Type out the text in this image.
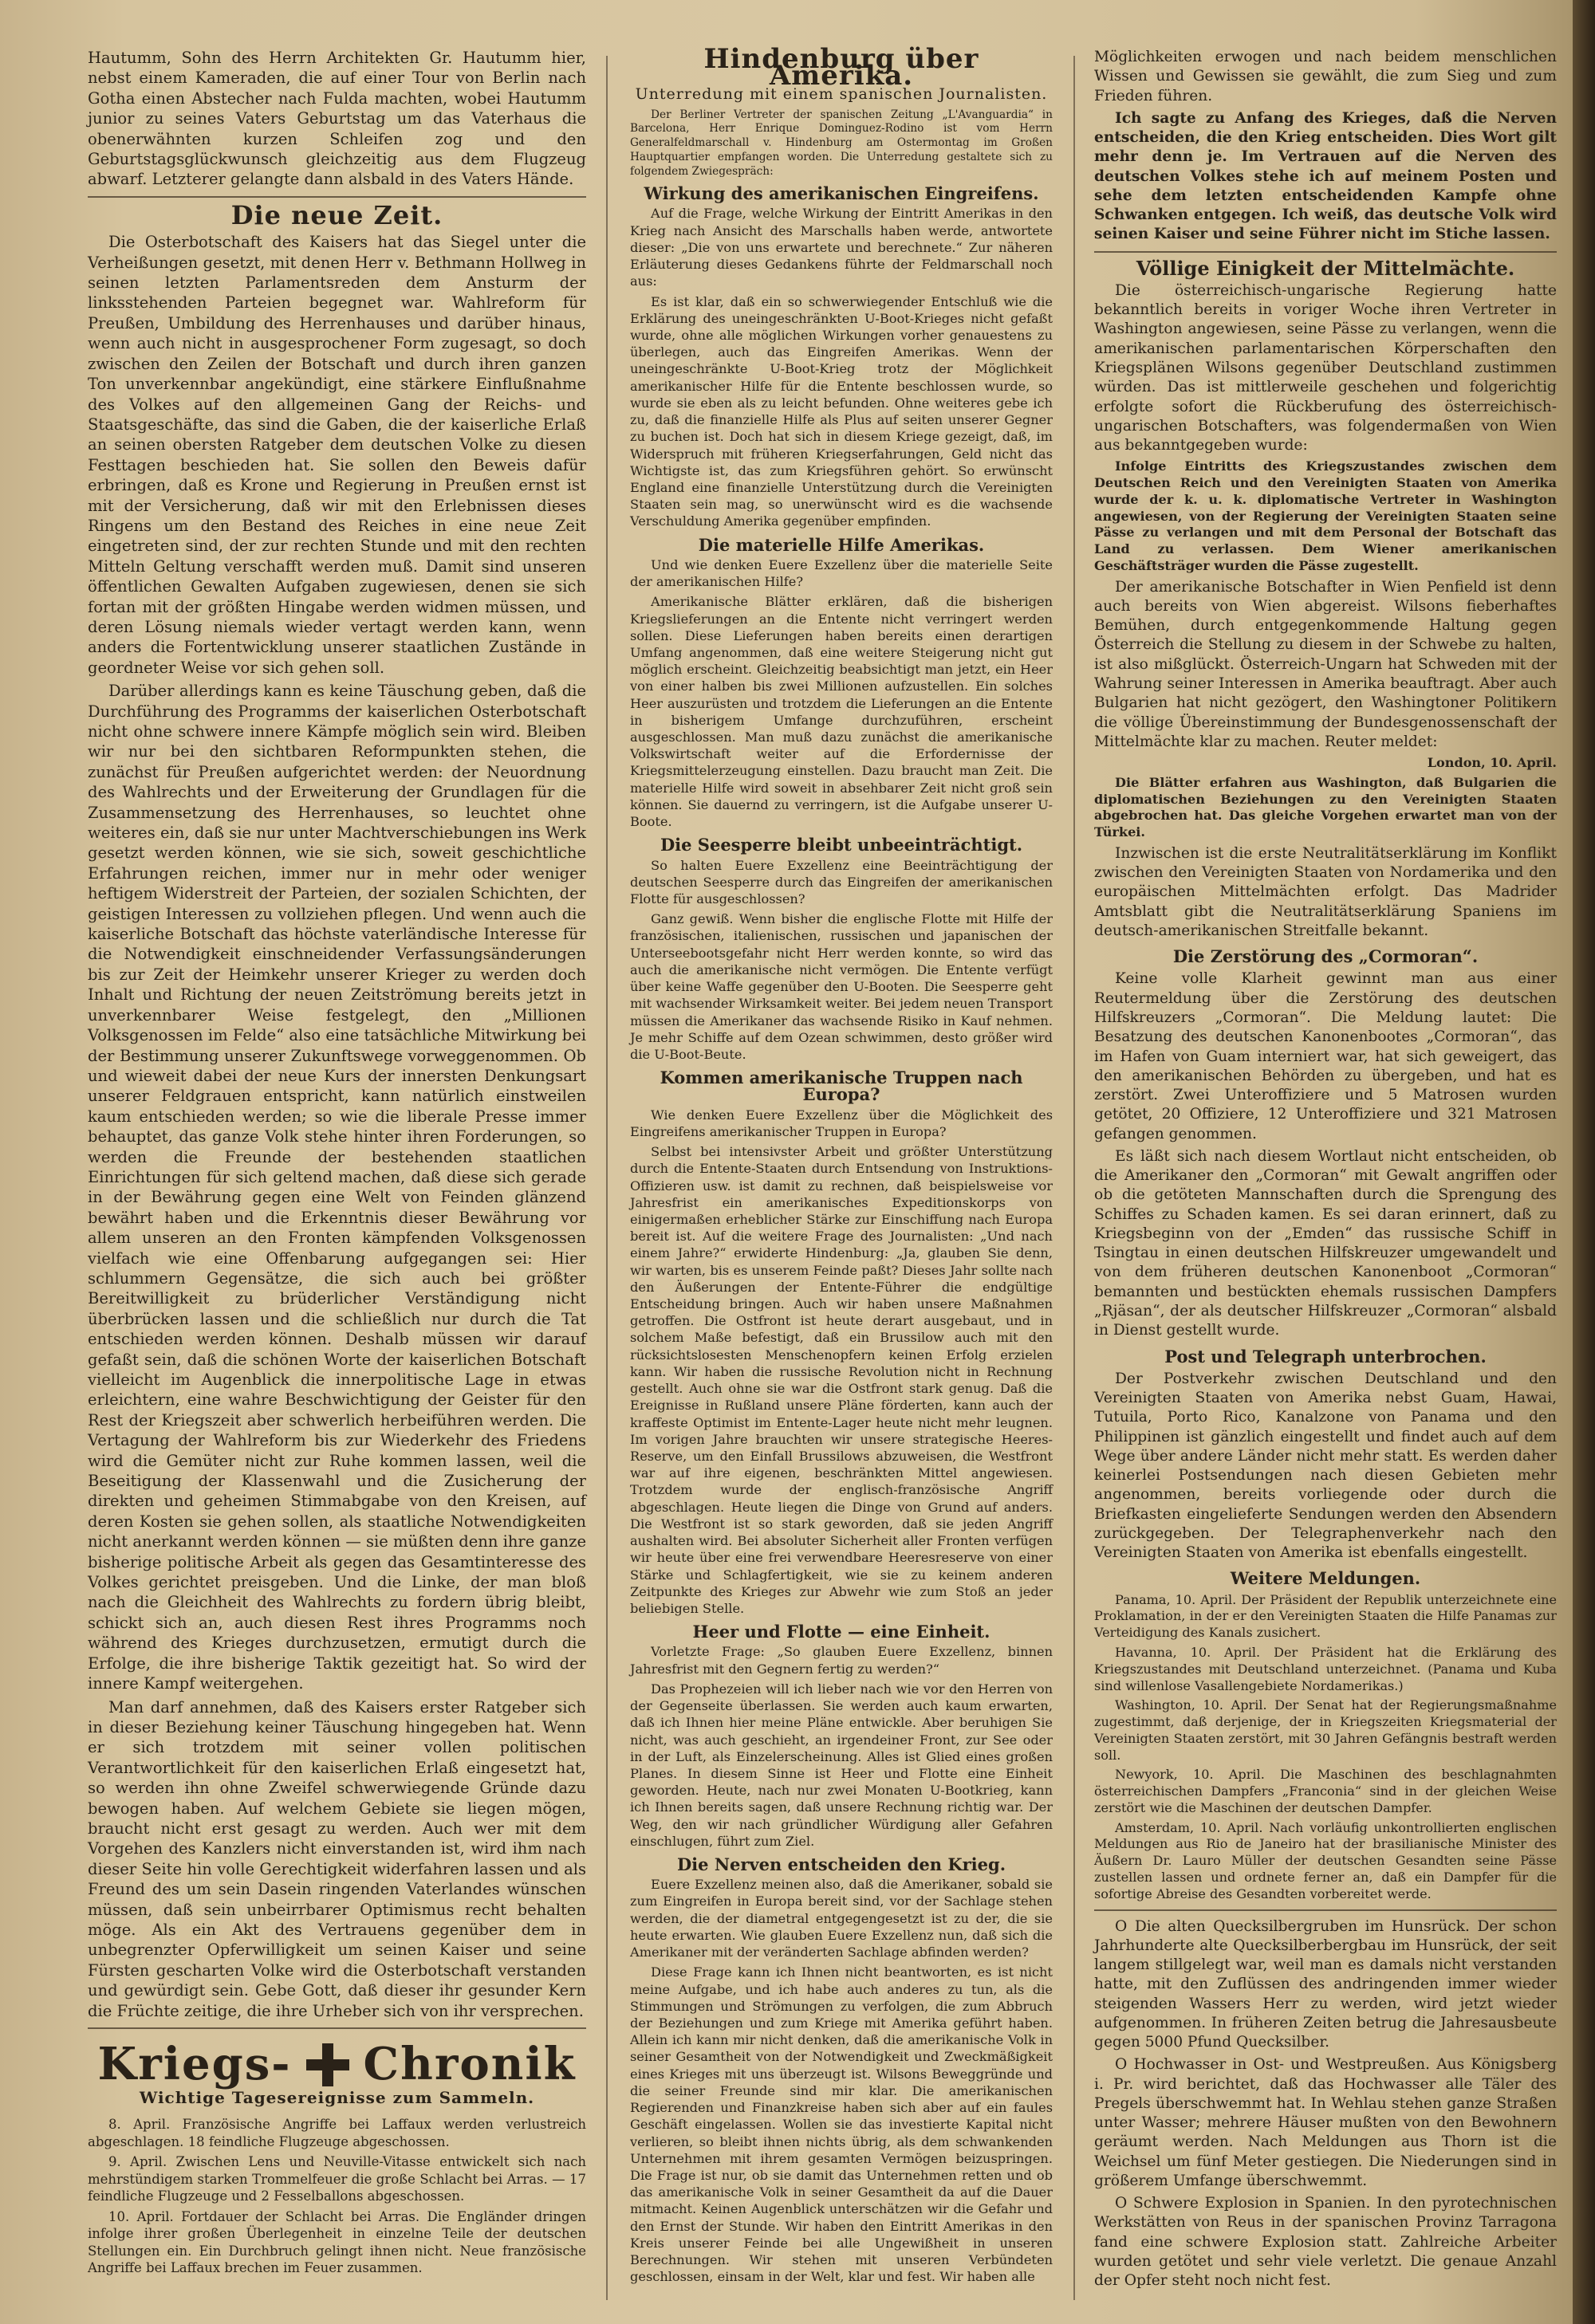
Hautumm, Sohn des Herrn Architekten Gr. Hautumm hier, nebst einem Kameraden, die auf einer Tour von Berlin nach Gotha einen Abstecher nach Fulda machten, wobei Hautumm junior zu seines Vaters Geburtstag um das Vaterhaus die obenerwähnten kurzen Schleifen zog und den Geburtstagsglückwunsch gleichzeitig aus dem Flugzeug abwarf. Letzterer gelangte dann alsbald in des Vaters Hände.

Die neue Zeit.

Die Osterbotschaft des Kaisers hat das Siegel unter die Verheißungen gesetzt, mit denen Herr v. Bethmann Hollweg in seinen letzten Parlamentsreden dem Ansturm der linksstehenden Parteien begegnet war. Wahlreform für Preußen, Umbildung des Herrenhauses und darüber hinaus, wenn auch nicht in ausgesprochener Form zugesagt, so doch zwischen den Zeilen der Botschaft und durch ihren ganzen Ton unverkennbar angekündigt, eine stärkere Einflußnahme des Volkes auf den allgemeinen Gang der Reichs- und Staatsgeschäfte, das sind die Gaben, die der kaiserliche Erlaß an seinen obersten Ratgeber dem deutschen Volke zu diesen Festtagen beschieden hat. Sie sollen den Beweis dafür erbringen, daß es Krone und Regierung in Preußen ernst ist mit der Versicherung, daß wir mit den Erlebnissen dieses Ringens um den Bestand des Reiches in eine neue Zeit eingetreten sind, der zur rechten Stunde und mit den rechten Mitteln Geltung verschafft werden muß. Damit sind unseren öffentlichen Gewalten Aufgaben zugewiesen, denen sie sich fortan mit der größten Hingabe werden widmen müssen, und deren Lösung niemals wieder vertagt werden kann, wenn anders die Fortentwicklung unserer staatlichen Zustände in geordneter Weise vor sich gehen soll.

Darüber allerdings kann es keine Täuschung geben, daß die Durchführung des Programms der kaiserlichen Osterbotschaft nicht ohne schwere innere Kämpfe möglich sein wird. Bleiben wir nur bei den sichtbaren Reformpunkten stehen, die zunächst für Preußen aufgerichtet werden: der Neuordnung des Wahlrechts und der Erweiterung der Grundlagen für die Zusammensetzung des Herrenhauses, so leuchtet ohne weiteres ein, daß sie nur unter Machtverschiebungen ins Werk gesetzt werden können, wie sie sich, soweit geschichtliche Erfahrungen reichen, immer nur in mehr oder weniger heftigem Widerstreit der Parteien, der sozialen Schichten, der geistigen Interessen zu vollziehen pflegen. Und wenn auch die kaiserliche Botschaft das höchste vaterländische Interesse für die Notwendigkeit einschneidender Verfassungsänderungen bis zur Zeit der Heimkehr unserer Krieger zu werden doch Inhalt und Richtung der neuen Zeitströmung bereits jetzt in unverkennbarer Weise festgelegt, den „Millionen Volksgenossen im Felde“ also eine tatsächliche Mitwirkung bei der Bestimmung unserer Zukunftswege vorweggenommen. Ob und wieweit dabei der neue Kurs der innersten Denkungsart unserer Feldgrauen entspricht, kann natürlich einstweilen kaum entschieden werden; so wie die liberale Presse immer behauptet, das ganze Volk stehe hinter ihren Forderungen, so werden die Freunde der bestehenden staatlichen Einrichtungen für sich geltend machen, daß diese sich gerade in der Bewährung gegen eine Welt von Feinden glänzend bewährt haben und die Erkenntnis dieser Bewährung vor allem unseren an den Fronten kämpfenden Volksgenossen vielfach wie eine Offenbarung aufgegangen sei: Hier schlummern Gegensätze, die sich auch bei größter Bereitwilligkeit zu brüderlicher Verständigung nicht überbrücken lassen und die schließlich nur durch die Tat entschieden werden können. Deshalb müssen wir darauf gefaßt sein, daß die schönen Worte der kaiserlichen Botschaft vielleicht im Augenblick die innerpolitische Lage in etwas erleichtern, eine wahre Beschwichtigung der Geister für den Rest der Kriegszeit aber schwerlich herbeiführen werden. Die Vertagung der Wahlreform bis zur Wiederkehr des Friedens wird die Gemüter nicht zur Ruhe kommen lassen, weil die Beseitigung der Klassenwahl und die Zusicherung der direkten und geheimen Stimmabgabe von den Kreisen, auf deren Kosten sie gehen sollen, als staatliche Notwendigkeiten nicht anerkannt werden können — sie müßten denn ihre ganze bisherige politische Arbeit als gegen das Gesamtinteresse des Volkes gerichtet preisgeben. Und die Linke, der man bloß nach die Gleichheit des Wahlrechts zu fordern übrig bleibt, schickt sich an, auch diesen Rest ihres Programms noch während des Krieges durchzusetzen, ermutigt durch die Erfolge, die ihre bisherige Taktik gezeitigt hat. So wird der innere Kampf weitergehen.

Man darf annehmen, daß des Kaisers erster Ratgeber sich in dieser Beziehung keiner Täuschung hingegeben hat. Wenn er sich trotzdem mit seiner vollen politischen Verantwortlichkeit für den kaiserlichen Erlaß eingesetzt hat, so werden ihn ohne Zweifel schwerwiegende Gründe dazu bewogen haben. Auf welchem Gebiete sie liegen mögen, braucht nicht erst gesagt zu werden. Auch wer mit dem Vorgehen des Kanzlers nicht einverstanden ist, wird ihm nach dieser Seite hin volle Gerechtigkeit widerfahren lassen und als Freund des um sein Dasein ringenden Vaterlandes wünschen müssen, daß sein unbeirrbarer Optimismus recht behalten möge. Als ein Akt des Vertrauens gegenüber dem in unbegrenzter Opferwilligkeit um seinen Kaiser und seine Fürsten gescharten Volke wird die Osterbotschaft verstanden und gewürdigt sein. Gebe Gott, daß dieser ihr gesunder Kern die Früchte zeitige, die ihre Urheber sich von ihr versprechen.

Kriegs- Chronik
Wichtige Tagesereignisse zum Sammeln.

8. April. Französische Angriffe bei Laffaux werden verlustreich abgeschlagen. 18 feindliche Flugzeuge abgeschossen.

9. April. Zwischen Lens und Neuville-Vitasse entwickelt sich nach mehrstündigem starken Trommelfeuer die große Schlacht bei Arras. — 17 feindliche Flugzeuge und 2 Fesselballons abgeschossen.

10. April. Fortdauer der Schlacht bei Arras. Die Engländer dringen infolge ihrer großen Überlegenheit in einzelne Teile der deutschen Stellungen ein. Ein Durchbruch gelingt ihnen nicht. Neue französische Angriffe bei Laffaux brechen im Feuer zusammen.

Hindenburg über Amerika.
Unterredung mit einem spanischen Journalisten.

Der Berliner Vertreter der spanischen Zeitung „L'Avanguardia“ in Barcelona, Herr Enrique Dominguez-Rodino ist vom Herrn Generalfeldmarschall v. Hindenburg am Ostermontag im Großen Hauptquartier empfangen worden. Die Unterredung gestaltete sich zu folgendem Zwiegespräch:

Wirkung des amerikanischen Eingreifens.

Auf die Frage, welche Wirkung der Eintritt Amerikas in den Krieg nach Ansicht des Marschalls haben werde, antwortete dieser: „Die von uns erwartete und berechnete.“ Zur näheren Erläuterung dieses Gedankens führte der Feldmarschall noch aus:

Es ist klar, daß ein so schwerwiegender Entschluß wie die Erklärung des uneingeschränkten U-Boot-Krieges nicht gefaßt wurde, ohne alle möglichen Wirkungen vorher genauestens zu überlegen, auch das Eingreifen Amerikas. Wenn der uneingeschränkte U-Boot-Krieg trotz der Möglichkeit amerikanischer Hilfe für die Entente beschlossen wurde, so wurde sie eben als zu leicht befunden. Ohne weiteres gebe ich zu, daß die finanzielle Hilfe als Plus auf seiten unserer Gegner zu buchen ist. Doch hat sich in diesem Kriege gezeigt, daß, im Widerspruch mit früheren Kriegserfahrungen, Geld nicht das Wichtigste ist, das zum Kriegsführen gehört. So erwünscht England eine finanzielle Unterstützung durch die Vereinigten Staaten sein mag, so unerwünscht wird es die wachsende Verschuldung Amerika gegenüber empfinden.

Die materielle Hilfe Amerikas.

Und wie denken Euere Exzellenz über die materielle Seite der amerikanischen Hilfe?

Amerikanische Blätter erklären, daß die bisherigen Kriegslieferungen an die Entente nicht verringert werden sollen. Diese Lieferungen haben bereits einen derartigen Umfang angenommen, daß eine weitere Steigerung nicht gut möglich erscheint. Gleichzeitig beabsichtigt man jetzt, ein Heer von einer halben bis zwei Millionen aufzustellen. Ein solches Heer auszurüsten und trotzdem die Lieferungen an die Entente in bisherigem Umfange durchzuführen, erscheint ausgeschlossen. Man muß dazu zunächst die amerikanische Volkswirtschaft weiter auf die Erfordernisse der Kriegsmittelerzeugung einstellen. Dazu braucht man Zeit. Die materielle Hilfe wird soweit in absehbarer Zeit nicht groß sein können. Sie dauernd zu verringern, ist die Aufgabe unserer U-Boote.

Die Seesperre bleibt unbeeinträchtigt.

So halten Euere Exzellenz eine Beeinträchtigung der deutschen Seesperre durch das Eingreifen der amerikanischen Flotte für ausgeschlossen?

Ganz gewiß. Wenn bisher die englische Flotte mit Hilfe der französischen, italienischen, russischen und japanischen der Unterseebootsgefahr nicht Herr werden konnte, so wird das auch die amerikanische nicht vermögen. Die Entente verfügt über keine Waffe gegenüber den U-Booten. Die Seesperre geht mit wachsender Wirksamkeit weiter. Bei jedem neuen Transport müssen die Amerikaner das wachsende Risiko in Kauf nehmen. Je mehr Schiffe auf dem Ozean schwimmen, desto größer wird die U-Boot-Beute.

Kommen amerikanische Truppen nach Europa?

Wie denken Euere Exzellenz über die Möglichkeit des Eingreifens amerikanischer Truppen in Europa?

Selbst bei intensivster Arbeit und größter Unterstützung durch die Entente-Staaten durch Entsendung von Instruktions-Offizieren usw. ist damit zu rechnen, daß beispielsweise vor Jahresfrist ein amerikanisches Expeditionskorps von einigermaßen erheblicher Stärke zur Einschiffung nach Europa bereit ist. Auf die weitere Frage des Journalisten: „Und nach einem Jahre?“ erwiderte Hindenburg: „Ja, glauben Sie denn, wir warten, bis es unserem Feinde paßt? Dieses Jahr sollte nach den Äußerungen der Entente-Führer die endgültige Entscheidung bringen. Auch wir haben unsere Maßnahmen getroffen. Die Ostfront ist heute derart ausgebaut, und in solchem Maße befestigt, daß ein Brussilow auch mit den rücksichtslosesten Menschenopfern keinen Erfolg erzielen kann. Wir haben die russische Revolution nicht in Rechnung gestellt. Auch ohne sie war die Ostfront stark genug. Daß die Ereignisse in Rußland unsere Pläne förderten, kann auch der kraffeste Optimist im Entente-Lager heute nicht mehr leugnen. Im vorigen Jahre brauchten wir unsere strategische Heeres-Reserve, um den Einfall Brussilows abzuweisen, die Westfront war auf ihre eigenen, beschränkten Mittel angewiesen. Trotzdem wurde der englisch-französische Angriff abgeschlagen. Heute liegen die Dinge von Grund auf anders. Die Westfront ist so stark geworden, daß sie jeden Angriff aushalten wird. Bei absoluter Sicherheit aller Fronten verfügen wir heute über eine frei verwendbare Heeresreserve von einer Stärke und Schlagfertigkeit, wie sie zu keinem anderen Zeitpunkte des Krieges zur Abwehr wie zum Stoß an jeder beliebigen Stelle.

Heer und Flotte — eine Einheit.

Vorletzte Frage: „So glauben Euere Exzellenz, binnen Jahresfrist mit den Gegnern fertig zu werden?“

Das Prophezeien will ich lieber nach wie vor den Herren von der Gegenseite überlassen. Sie werden auch kaum erwarten, daß ich Ihnen hier meine Pläne entwickle. Aber beruhigen Sie nicht, was auch geschieht, an irgendeiner Front, zur See oder in der Luft, als Einzelerscheinung. Alles ist Glied eines großen Planes. In diesem Sinne ist Heer und Flotte eine Einheit geworden. Heute, nach nur zwei Monaten U-Bootkrieg, kann ich Ihnen bereits sagen, daß unsere Rechnung richtig war. Der Weg, den wir nach gründlicher Würdigung aller Gefahren einschlugen, führt zum Ziel.

Die Nerven entscheiden den Krieg.

Euere Exzellenz meinen also, daß die Amerikaner, sobald sie zum Eingreifen in Europa bereit sind, vor der Sachlage stehen werden, die der diametral entgegengesetzt ist zu der, die sie heute erwarten. Wie glauben Euere Exzellenz nun, daß sich die Amerikaner mit der veränderten Sachlage abfinden werden?

Diese Frage kann ich Ihnen nicht beantworten, es ist nicht meine Aufgabe, und ich habe auch anderes zu tun, als die Stimmungen und Strömungen zu verfolgen, die zum Abbruch der Beziehungen und zum Kriege mit Amerika geführt haben. Allein ich kann mir nicht denken, daß die amerikanische Volk in seiner Gesamtheit von der Notwendigkeit und Zweckmäßigkeit eines Krieges mit uns überzeugt ist. Wilsons Beweggründe und die seiner Freunde sind mir klar. Die amerikanischen Regierenden und Finanzkreise haben sich aber auf ein faules Geschäft eingelassen. Wollen sie das investierte Kapital nicht verlieren, so bleibt ihnen nichts übrig, als dem schwankenden Unternehmen mit ihrem gesamten Vermögen beizuspringen. Die Frage ist nur, ob sie damit das Unternehmen retten und ob das amerikanische Volk in seiner Gesamtheit da auf die Dauer mitmacht. Keinen Augenblick unterschätzen wir die Gefahr und den Ernst der Stunde. Wir haben den Eintritt Amerikas in den Kreis unserer Feinde bei alle Ungewißheit in unseren Berechnungen. Wir stehen mit unseren Verbündeten geschlossen, einsam in der Welt, klar und fest. Wir haben alle

Möglichkeiten erwogen und nach beidem menschlichen Wissen und Gewissen sie gewählt, die zum Sieg und zum Frieden führen.

Ich sagte zu Anfang des Krieges, daß die Nerven entscheiden, die den Krieg entscheiden. Dies Wort gilt mehr denn je. Im Vertrauen auf die Nerven des deutschen Volkes stehe ich auf meinem Posten und sehe dem letzten entscheidenden Kampfe ohne Schwanken entgegen. Ich weiß, das deutsche Volk wird seinen Kaiser und seine Führer nicht im Stiche lassen.

Völlige Einigkeit der Mittelmächte.

Die österreichisch-ungarische Regierung hatte bekanntlich bereits in voriger Woche ihren Vertreter in Washington angewiesen, seine Pässe zu verlangen, wenn die amerikanischen parlamentarischen Körperschaften den Kriegsplänen Wilsons gegenüber Deutschland zustimmen würden. Das ist mittlerweile geschehen und folgerichtig erfolgte sofort die Rückberufung des österreichisch-ungarischen Botschafters, was folgendermaßen von Wien aus bekanntgegeben wurde:

Infolge Eintritts des Kriegszustandes zwischen dem Deutschen Reich und den Vereinigten Staaten von Amerika wurde der k. u. k. diplomatische Vertreter in Washington angewiesen, von der Regierung der Vereinigten Staaten seine Pässe zu verlangen und mit dem Personal der Botschaft das Land zu verlassen. Dem Wiener amerikanischen Geschäftsträger wurden die Pässe zugestellt.

Der amerikanische Botschafter in Wien Penfield ist denn auch bereits von Wien abgereist. Wilsons fieberhaftes Bemühen, durch entgegenkommende Haltung gegen Österreich die Stellung zu diesem in der Schwebe zu halten, ist also mißglückt. Österreich-Ungarn hat Schweden mit der Wahrung seiner Interessen in Amerika beauftragt. Aber auch Bulgarien hat nicht gezögert, den Washingtoner Politikern die völlige Übereinstimmung der Bundesgenossenschaft der Mittelmächte klar zu machen. Reuter meldet:

London, 10. April.

Die Blätter erfahren aus Washington, daß Bulgarien die diplomatischen Beziehungen zu den Vereinigten Staaten abgebrochen hat. Das gleiche Vorgehen erwartet man von der Türkei.

Inzwischen ist die erste Neutralitätserklärung im Konflikt zwischen den Vereinigten Staaten von Nordamerika und den europäischen Mittelmächten erfolgt. Das Madrider Amtsblatt gibt die Neutralitätserklärung Spaniens im deutsch-amerikanischen Streitfalle bekannt.

Die Zerstörung des „Cormoran“.

Keine volle Klarheit gewinnt man aus einer Reutermeldung über die Zerstörung des deutschen Hilfskreuzers „Cormoran“. Die Meldung lautet: Die Besatzung des deutschen Kanonenbootes „Cormoran“, das im Hafen von Guam interniert war, hat sich geweigert, das den amerikanischen Behörden zu übergeben, und hat es zerstört. Zwei Unteroffiziere und 5 Matrosen wurden getötet, 20 Offiziere, 12 Unteroffiziere und 321 Matrosen gefangen genommen.

Es läßt sich nach diesem Wortlaut nicht entscheiden, ob die Amerikaner den „Cormoran“ mit Gewalt angriffen oder ob die getöteten Mannschaften durch die Sprengung des Schiffes zu Schaden kamen. Es sei daran erinnert, daß zu Kriegsbeginn von der „Emden“ das russische Schiff in Tsingtau in einen deutschen Hilfskreuzer umgewandelt und von dem früheren deutschen Kanonenboot „Cormoran“ bemannten und bestückten ehemals russischen Dampfers „Rjäsan“, der als deutscher Hilfskreuzer „Cormoran“ alsbald in Dienst gestellt wurde.

Post und Telegraph unterbrochen.

Der Postverkehr zwischen Deutschland und den Vereinigten Staaten von Amerika nebst Guam, Hawai, Tutuila, Porto Rico, Kanalzone von Panama und den Philippinen ist gänzlich eingestellt und findet auch auf dem Wege über andere Länder nicht mehr statt. Es werden daher keinerlei Postsendungen nach diesen Gebieten mehr angenommen, bereits vorliegende oder durch die Briefkasten eingelieferte Sendungen werden den Absendern zurückgegeben. Der Telegraphenverkehr nach den Vereinigten Staaten von Amerika ist ebenfalls eingestellt.

Weitere Meldungen.

Panama, 10. April. Der Präsident der Republik unterzeichnete eine Proklamation, in der er den Vereinigten Staaten die Hilfe Panamas zur Verteidigung des Kanals zusichert.

Havanna, 10. April. Der Präsident hat die Erklärung des Kriegszustandes mit Deutschland unterzeichnet. (Panama und Kuba sind willenlose Vasallengebiete Nordamerikas.)

Washington, 10. April. Der Senat hat der Regierungsmaßnahme zugestimmt, daß derjenige, der in Kriegszeiten Kriegsmaterial der Vereinigten Staaten zerstört, mit 30 Jahren Gefängnis bestraft werden soll.

Newyork, 10. April. Die Maschinen des beschlagnahmten österreichischen Dampfers „Franconia“ sind in der gleichen Weise zerstört wie die Maschinen der deutschen Dampfer.

Amsterdam, 10. April. Nach vorläufig unkontrollierten englischen Meldungen aus Rio de Janeiro hat der brasilianische Minister des Äußern Dr. Lauro Müller der deutschen Gesandten seine Pässe zustellen lassen und ordnete ferner an, daß ein Dampfer für die sofortige Abreise des Gesandten vorbereitet werde.

O Die alten Quecksilbergruben im Hunsrück. Der schon Jahrhunderte alte Quecksilberbergbau im Hunsrück, der seit langem stillgelegt war, weil man es damals nicht verstanden hatte, mit den Zuflüssen des andringenden immer wieder steigenden Wassers Herr zu werden, wird jetzt wieder aufgenommen. In früheren Zeiten betrug die Jahresausbeute gegen 5000 Pfund Quecksilber.

O Hochwasser in Ost- und Westpreußen. Aus Königsberg i. Pr. wird berichtet, daß das Hochwasser alle Täler des Pregels überschwemmt hat. In Wehlau stehen ganze Straßen unter Wasser; mehrere Häuser mußten von den Bewohnern geräumt werden. Nach Meldungen aus Thorn ist die Weichsel um fünf Meter gestiegen. Die Niederungen sind in größerem Umfange überschwemmt.

O Schwere Explosion in Spanien. In den pyrotechnischen Werkstätten von Reus in der spanischen Provinz Tarragona fand eine schwere Explosion statt. Zahlreiche Arbeiter wurden getötet und sehr viele verletzt. Die genaue Anzahl der Opfer steht noch nicht fest.
